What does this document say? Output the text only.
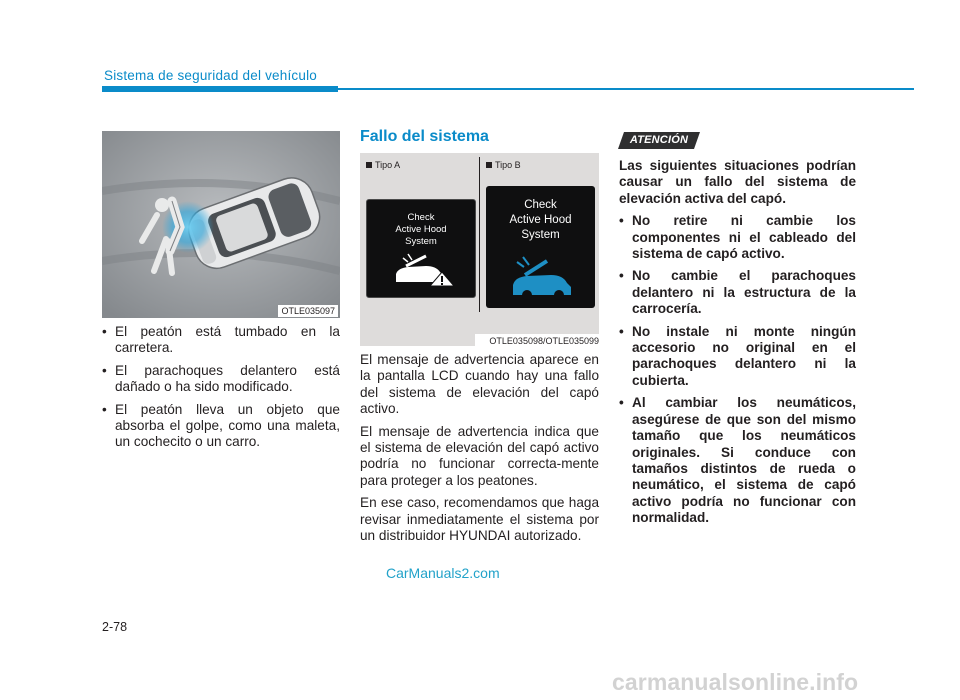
Sistema de seguridad del vehículo
OTLE035097
• El peatón está tumbado en la carretera.
• El parachoques delantero está dañado o ha sido modificado.
• El peatón lleva un objeto que absorba el golpe, como una maleta, un cochecito o un carro.
Fallo del sistema
Tipo A	Tipo B
Check
Active Hood
System
Check
Active Hood
System
OTLE035098/OTLE035099

El mensaje de advertencia aparece en la pantalla LCD cuando hay una fallo del sistema de elevación del capó activo.

El mensaje de advertencia indica que el sistema de elevación del capó activo podría no funcionar correcta-mente para proteger a los peatones.

En ese caso, recomendamos que haga revisar inmediatamente el sistema por un distribuidor HYUNDAI autorizado.

ATENCIÓN

Las siguientes situaciones podrían causar un fallo del sistema de elevación activa del capó.

• No retire ni cambie los componentes ni el cableado del sistema de capó activo.
• No cambie el parachoques delantero ni la estructura de la carrocería.
• No instale ni monte ningún accesorio no original en el parachoques delantero ni la cubierta.
• Al cambiar los neumáticos, asegúrese de que son del mismo tamaño que los neumáticos originales. Si conduce con tamaños distintos de rueda o neumático, el sistema de capó activo podría no funcionar con normalidad.
CarManuals2.com
2-78
carmanualsonline.info
